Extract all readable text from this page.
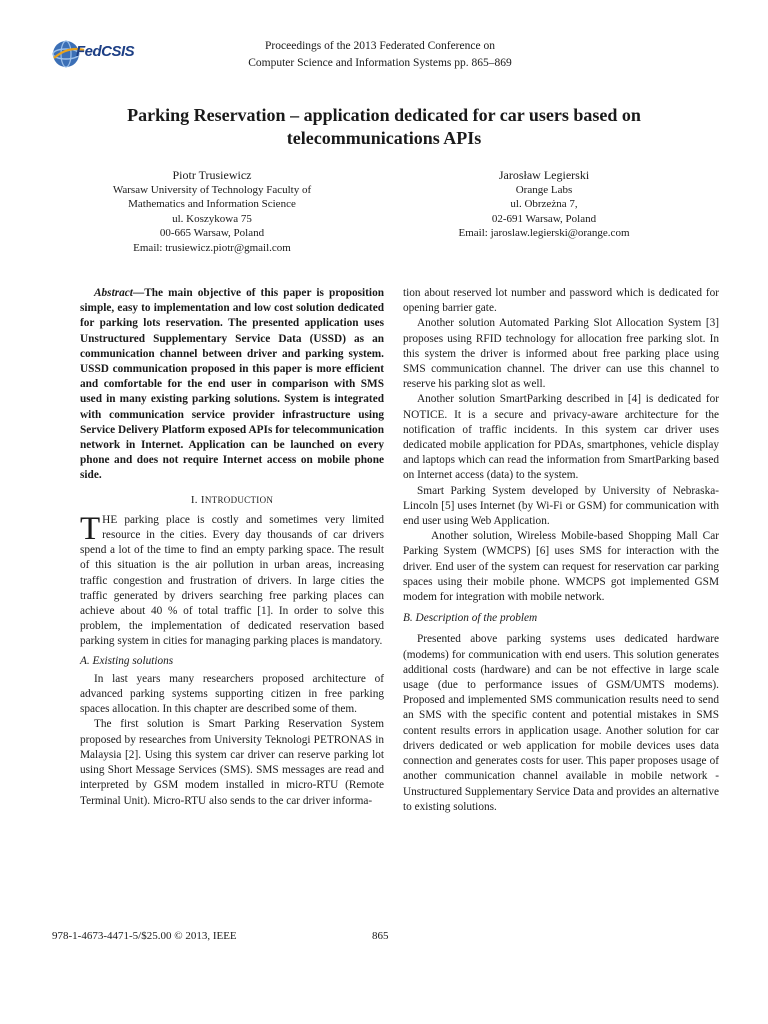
FedCSIS	Proceedings of the 2013 Federated Conference on
Computer Science and Information Systems pp. 865–869
Parking Reservation – application dedicated for car users based on
telecommunications APIs
Piotr Trusiewicz
Warsaw University of Technology Faculty of
Mathematics and Information Science
ul. Koszykowa 75
00-665 Warsaw, Poland
Email: trusiewicz.piotr@gmail.com
Jarosław Legierski
Orange Labs
ul. Obrzeżna 7,
02-691 Warsaw, Poland
Email: jaroslaw.legierski@orange.com

Abstract—The main objective of this paper is proposition simple, easy to implementation and low cost solution dedicated for parking lots reservation. The presented application uses Unstructured Supplementary Service Data (USSD) as an communication channel between driver and parking system. USSD communication proposed in this paper is more efficient and comfortable for the end user in comparison with SMS used in many existing parking solutions. System is integrated with communication service provider infrastructure using Service Delivery Platform exposed APIs for telecommunication network in Internet. Application can be launched on every phone and does not require Internet access on mobile phone side.

I. INTRODUCTION

THE parking place is costly and sometimes very limited resource in the cities. Every day thousands of car drivers spend a lot of the time to find an empty parking space. The result of this situation is the air pollution in urban areas, increasing traffic congestion and frustration of drivers. In large cities the traffic generated by drivers searching free parking places can achieve about 40 % of total traffic [1]. In order to solve this problem, the implementation of dedicated reservation based parking system in cities for managing parking places is mandatory.

A. Existing solutions

In last years many researchers proposed architecture of advanced parking systems supporting citizen in free parking spaces allocation. In this chapter are described some of them.

The first solution is Smart Parking Reservation System proposed by researches from University Teknologi PETRONAS in Malaysia [2]. Using this system car driver can reserve parking lot using Short Message Services (SMS). SMS messages are read and interpreted by GSM modem installed in micro-RTU (Remote Terminal Unit). Micro-RTU also sends to the car driver informa-

tion about reserved lot number and password which is dedicated for opening barrier gate.

Another solution Automated Parking Slot Allocation System [3] proposes using RFID technology for allocation free parking slot. In this system the driver is informed about free parking place using SMS communication channel. The driver can use this channel to reserve his parking slot as well.

Another solution SmartParking described in [4] is dedicated for NOTICE. It is a secure and privacy-aware architecture for the notification of traffic incidents. In this system car driver uses dedicated mobile application for PDAs, smartphones, vehicle display and laptops which can read the information from SmartParking based on Internet access (data) to the system.

Smart Parking System developed by University of Nebraska-Lincoln [5] uses Internet (by Wi-Fi or GSM) for communication with end user using Web Application.

Another solution, Wireless Mobile-based Shopping Mall Car Parking System (WMCPS) [6] uses SMS for interaction with the driver. End user of the system can request for reservation car parking spaces using their mobile phone. WMCPS got implemented GSM modem for integration with mobile network.

B. Description of the problem

Presented above parking systems uses dedicated hardware (modems) for communication with end users. This solution generates additional costs (hardware) and can be not effective in large scale usage (due to performance issues of GSM/UMTS modems). Proposed and implemented SMS communication results need to send an SMS with the specific content and potential mistakes in SMS content results errors in application usage. Another solution for car drivers dedicated or web application for mobile devices uses data connection and generates costs for user. This paper proposes usage of another communication channel available in mobile network - Unstructured Supplementary Service Data and provides an alternative to existing solutions.

978-1-4673-4471-5/$25.00 © 2013, IEEE	865
